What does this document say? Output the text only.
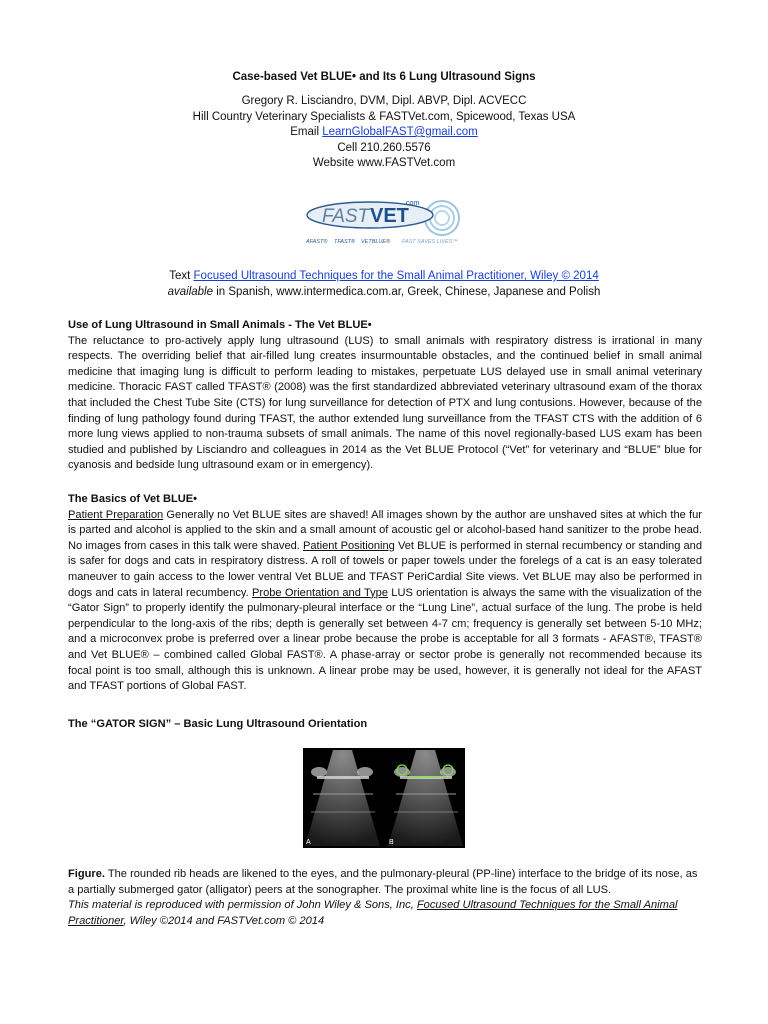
Case-based Vet BLUE• and Its 6 Lung Ultrasound Signs
Gregory R. Lisciandro, DVM, Dipl. ABVP, Dipl. ACVECC
Hill Country Veterinary Specialists & FASTVet.com, Spicewood, Texas USA
Email LearnGlobalFAST@gmail.com
Cell 210.260.5576
Website www.FASTVet.com
FAST VET
.com
AFAST® TFAST® VETBLUE® FAST SAVES LIVES™
Text Focused Ultrasound Techniques for the Small Animal Practitioner, Wiley © 2014
available in Spanish, www.intermedica.com.ar, Greek, Chinese, Japanese and Polish

Use of Lung Ultrasound in Small Animals - The Vet BLUE•

The reluctance to pro-actively apply lung ultrasound (LUS) to small animals with respiratory distress is irrational in many respects. The overriding belief that air-filled lung creates insurmountable obstacles, and the continued belief in small animal medicine that imaging lung is difficult to perform leading to mistakes, perpetuate LUS delayed use in small animal veterinary medicine. Thoracic FAST called TFAST® (2008) was the first standardized abbreviated veterinary ultrasound exam of the thorax that included the Chest Tube Site (CTS) for lung surveillance for detection of PTX and lung contusions. However, because of the finding of lung pathology found during TFAST, the author extended lung surveillance from the TFAST CTS with the addition of 6 more lung views applied to non-trauma subsets of small animals. The name of this novel regionally-based LUS exam has been studied and published by Lisciandro and colleagues in 2014 as the Vet BLUE Protocol (“Vet” for veterinary and “BLUE” blue for cyanosis and bedside lung ultrasound exam or in emergency).

The Basics of Vet BLUE•

Patient Preparation Generally no Vet BLUE sites are shaved! All images shown by the author are unshaved sites at which the fur is parted and alcohol is applied to the skin and a small amount of acoustic gel or alcohol-based hand sanitizer to the probe head. No images from cases in this talk were shaved. Patient Positioning Vet BLUE is performed in sternal recumbency or standing and is safer for dogs and cats in respiratory distress. A roll of towels or paper towels under the forelegs of a cat is an easy tolerated maneuver to gain access to the lower ventral Vet BLUE and TFAST PeriCardial Site views. Vet BLUE may also be performed in dogs and cats in lateral recumbency. Probe Orientation and Type LUS orientation is always the same with the visualization of the “Gator Sign” to properly identify the pulmonary-pleural interface or the “Lung Line”, actual surface of the lung. The probe is held perpendicular to the long-axis of the ribs; depth is generally set between 4-7 cm; frequency is generally set between 5-10 MHz; and a microconvex probe is preferred over a linear probe because the probe is acceptable for all 3 formats - AFAST®, TFAST® and Vet BLUE® – combined called Global FAST®. A phase-array or sector probe is generally not recommended because its focal point is too small, although this is unknown. A linear probe may be used, however, it is generally not ideal for the AFAST and TFAST portions of Global FAST.

The “GATOR SIGN” – Basic Lung Ultrasound Orientation

A	B

Figure. The rounded rib heads are likened to the eyes, and the pulmonary-pleural (PP-line) interface to the bridge of its nose, as a partially submerged gator (alligator) peers at the sonographer. The proximal white line is the focus of all LUS.

This material is reproduced with permission of John Wiley & Sons, Inc, Focused Ultrasound Techniques for the Small Animal Practitioner, Wiley ©2014 and FASTVet.com © 2014
